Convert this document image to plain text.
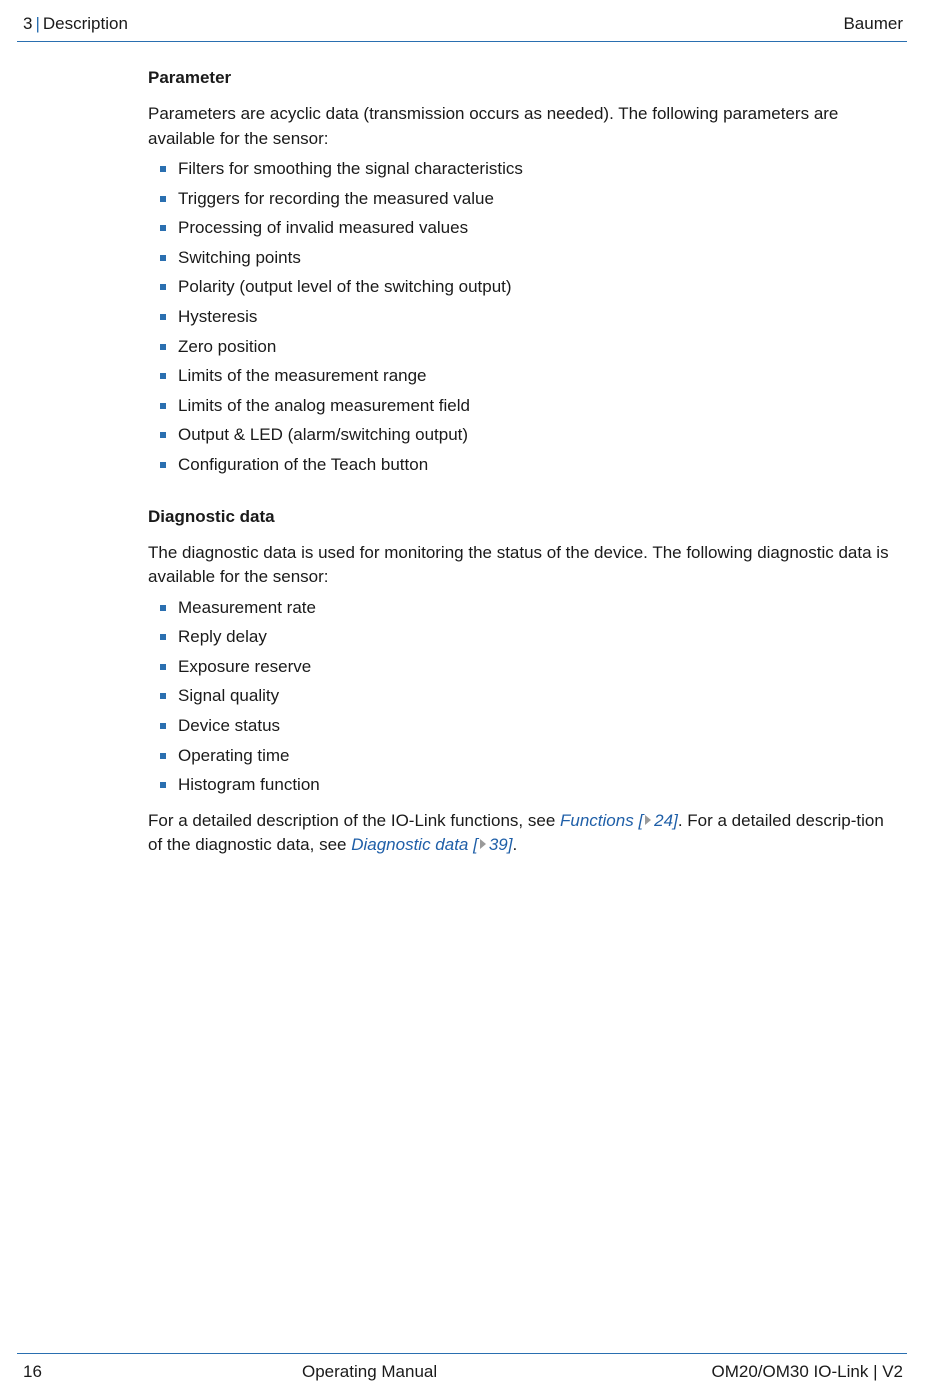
3 | Description	Baumer
Parameter

Parameters are acyclic data (transmission occurs as needed). The following parameters are available for the sensor:

Filters for smoothing the signal characteristics
Triggers for recording the measured value
Processing of invalid measured values
Switching points
Polarity (output level of the switching output)
Hysteresis
Zero position
Limits of the measurement range
Limits of the analog measurement field
Output & LED (alarm/switching output)
Configuration of the Teach button
Diagnostic data

The diagnostic data is used for monitoring the status of the device. The following diagnostic data is available for the sensor:

Measurement rate
Reply delay
Exposure reserve
Signal quality
Device status
Operating time
Histogram function

For a detailed description of the IO-Link functions, see Functions [ 24]. For a detailed descrip-tion of the diagnostic data, see Diagnostic data [ 39].

16	Operating Manual	OM20/OM30 IO-Link | V2
